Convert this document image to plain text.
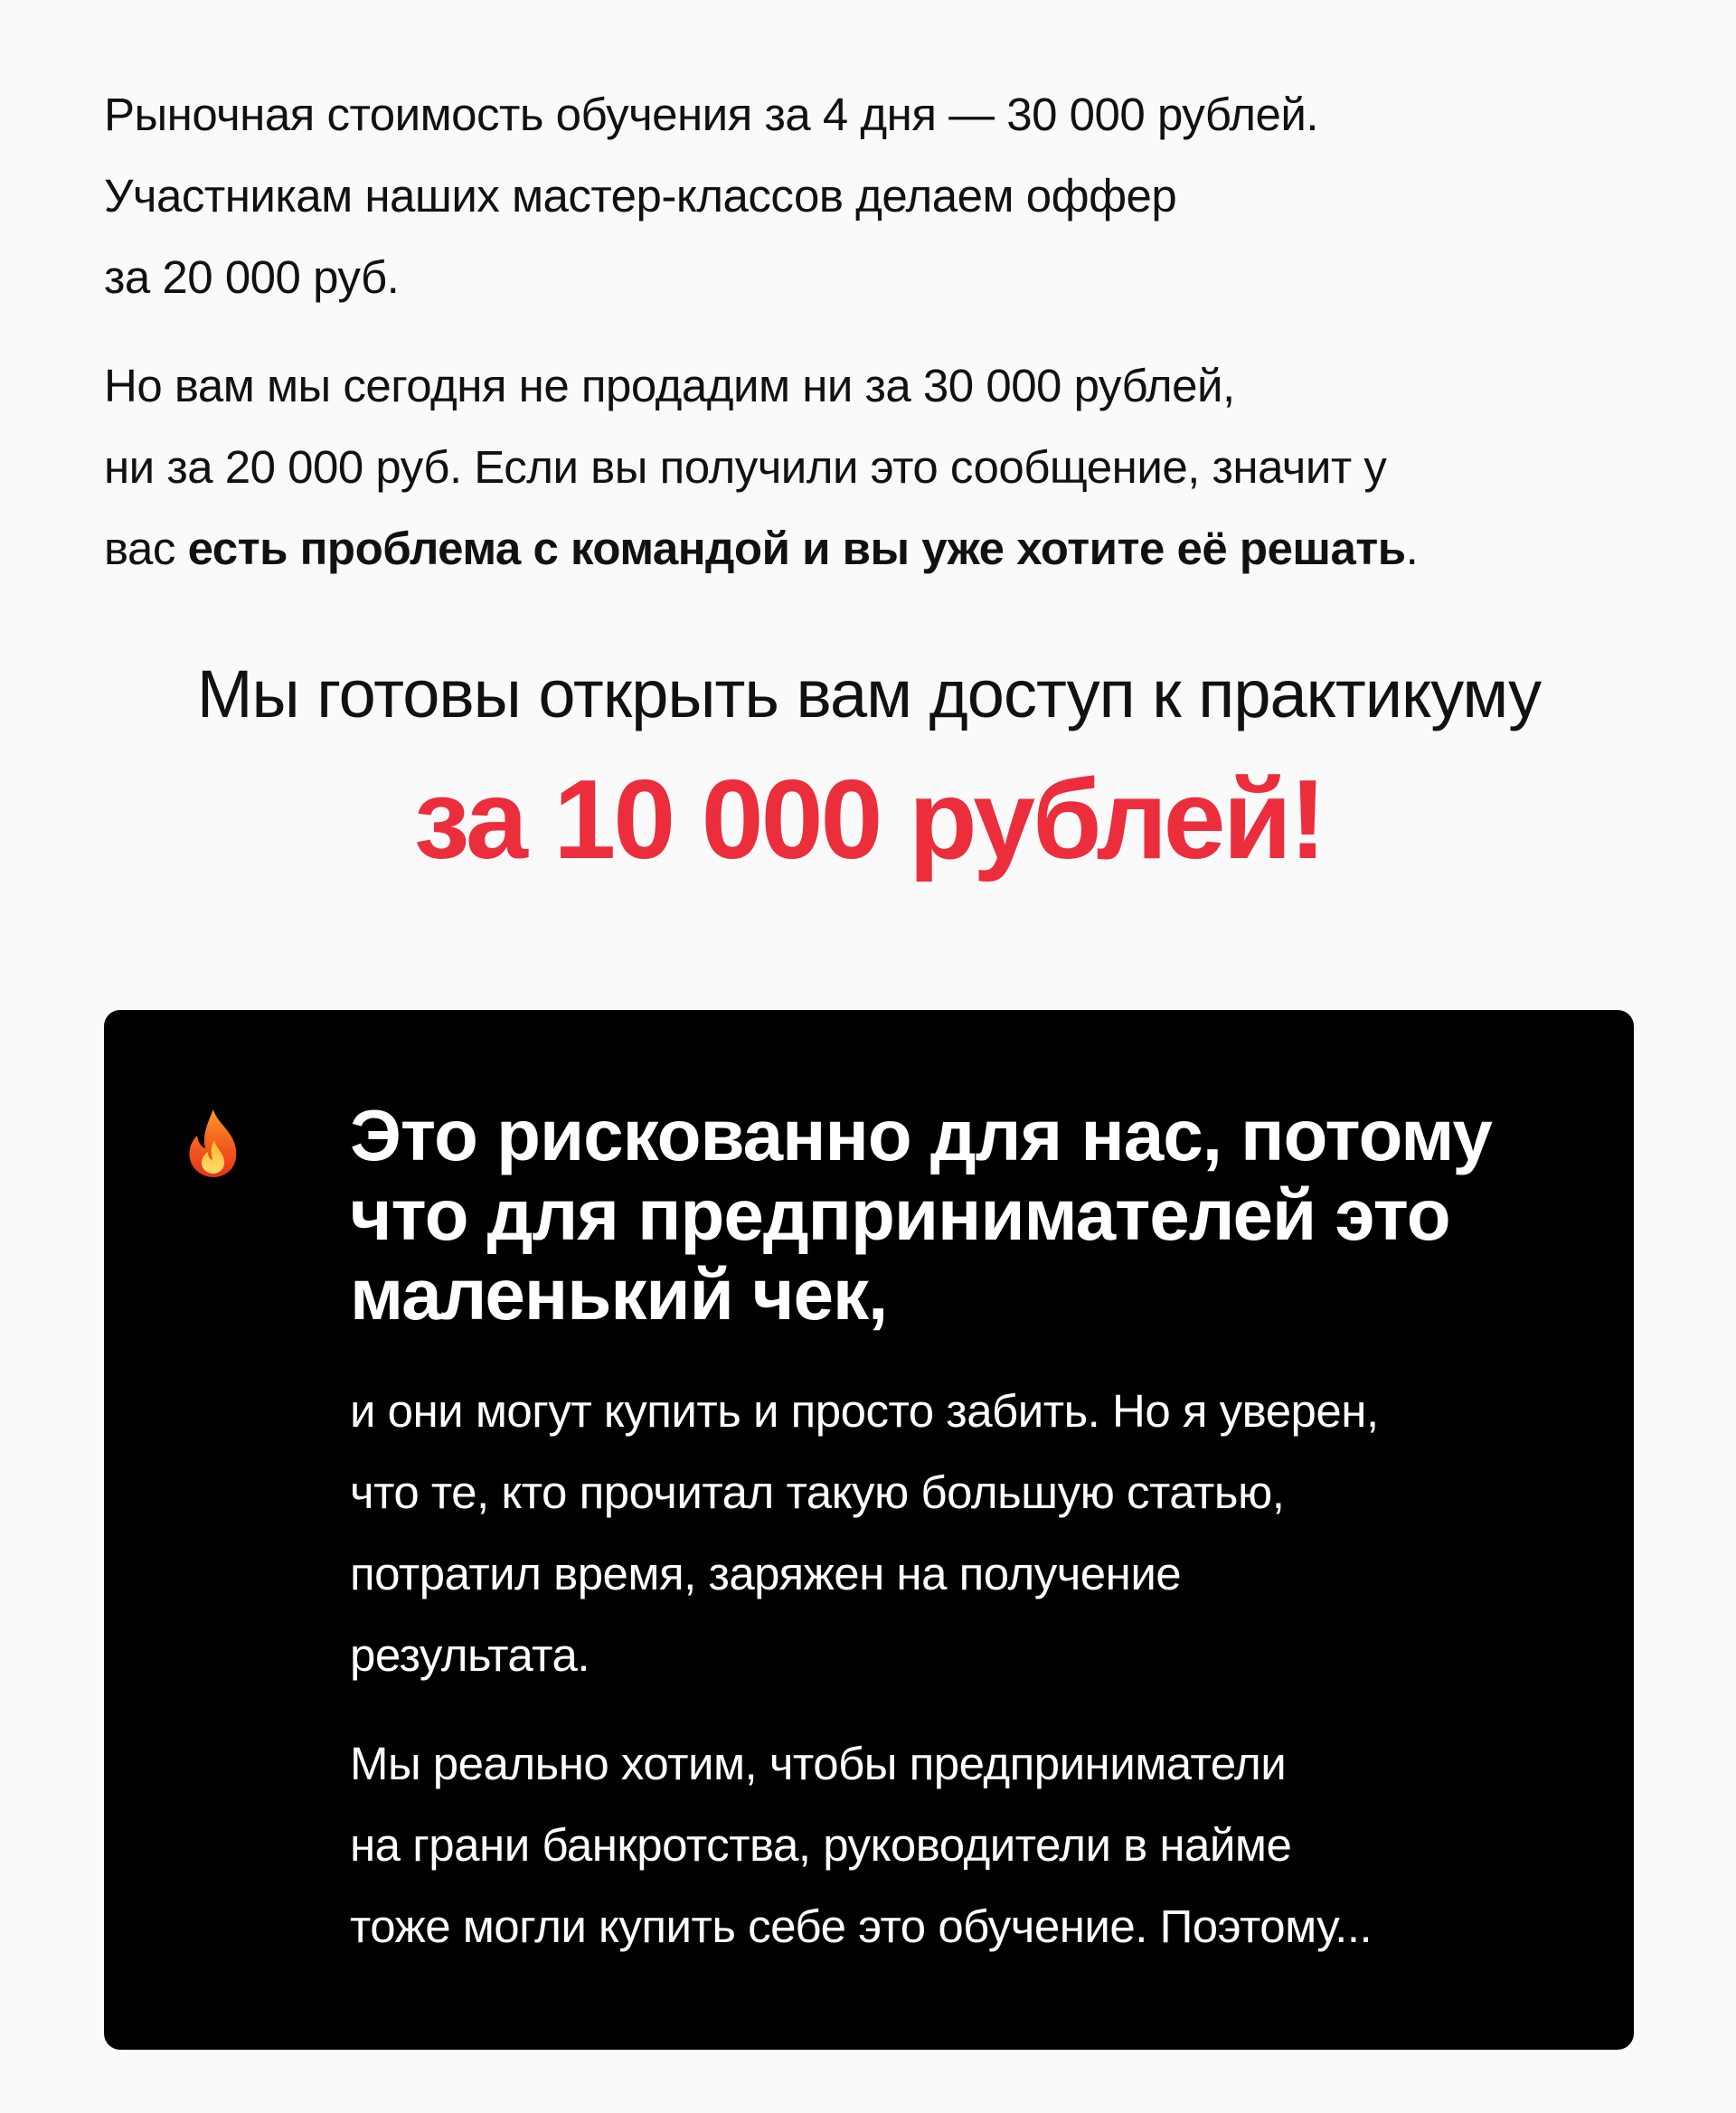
Рыночная стоимость обучения за 4 дня — 30 000 рублей.
Участникам наших мастер-классов делаем оффер
за 20 000 руб.

Но вам мы сегодня не продадим ни за 30 000 рублей,
ни за 20 000 руб. Если вы получили это сообщение, значит у
вас есть проблема с командой и вы уже хотите её решать.

Мы готовы открыть вам доступ к практикуму
за 10 000 рублей!
Это рискованно для нас, потому
что для предпринимателей это
маленький чек,

и они могут купить и просто забить. Но я уверен,
что те, кто прочитал такую большую статью,
потратил время, заряжен на получение
результата.

Мы реально хотим, чтобы предприниматели
на грани банкротства, руководители в найме
тоже могли купить себе это обучение. Поэтому...
